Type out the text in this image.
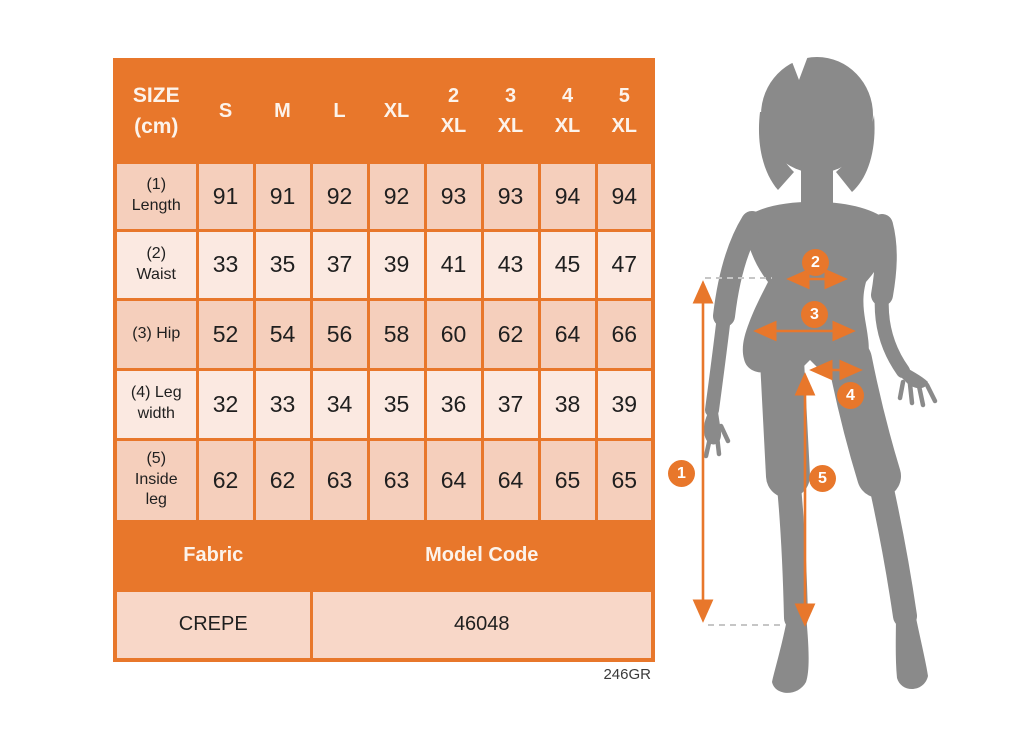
SIZE (cm)	S	M	L	XL	2 XL	3 XL	4 XL	5 XL
(1) Length	91	91	92	92	93	93	94	94
(2) Waist	33	35	37	39	41	43	45	47
(3) Hip	52	54	56	58	60	62	64	66
(4) Leg width	32	33	34	35	36	37	38	39
(5) Inside leg	62	62	63	63	64	64	65	65
Fabric			Model Code					
CREPE			46048					
246GR
1
2
3
4
5
